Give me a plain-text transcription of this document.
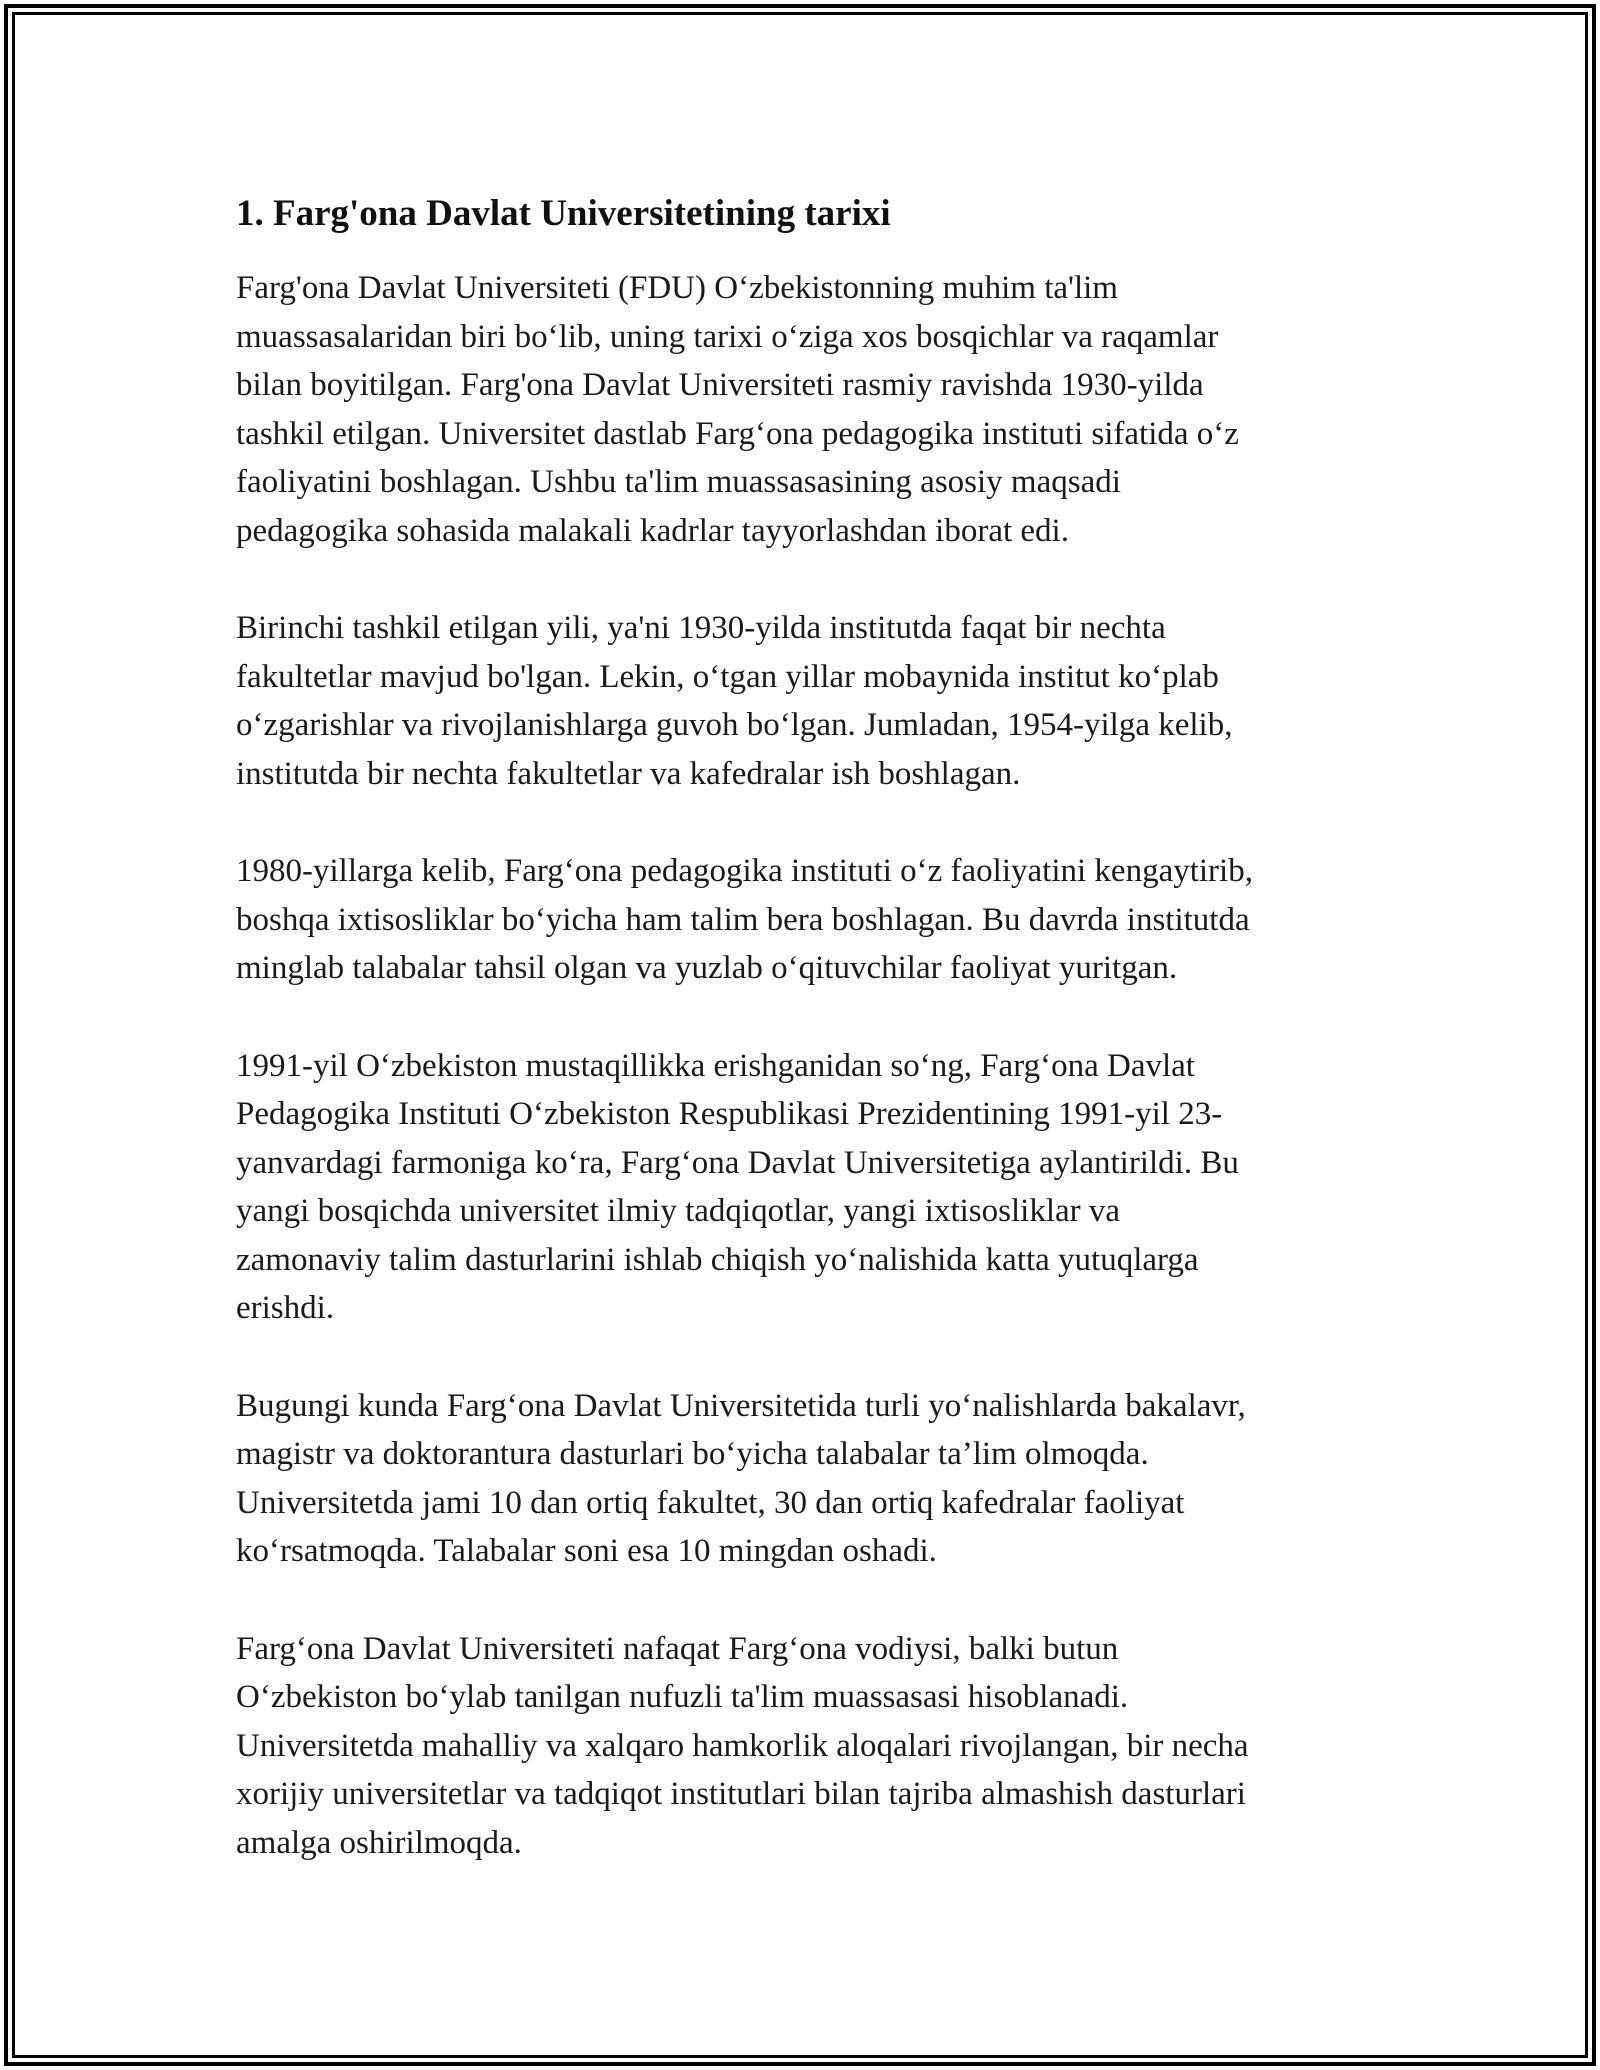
1. Farg'ona Davlat Universitetining tarixi

Farg'ona Davlat Universiteti (FDU) O‘zbekistonning muhim ta'lim
muassasalaridan biri bo‘lib, uning tarixi o‘ziga xos bosqichlar va raqamlar
bilan boyitilgan. Farg'ona Davlat Universiteti rasmiy ravishda 1930-yilda
tashkil etilgan. Universitet dastlab Farg‘ona pedagogika instituti sifatida o‘z
faoliyatini boshlagan. Ushbu ta'lim muassasasining asosiy maqsadi
pedagogika sohasida malakali kadrlar tayyorlashdan iborat edi.

Birinchi tashkil etilgan yili, ya'ni 1930-yilda institutda faqat bir nechta
fakultetlar mavjud bo'lgan. Lekin, o‘tgan yillar mobaynida institut ko‘plab
o‘zgarishlar va rivojlanishlarga guvoh bo‘lgan. Jumladan, 1954-yilga kelib,
institutda bir nechta fakultetlar va kafedralar ish boshlagan.

1980-yillarga kelib, Farg‘ona pedagogika instituti o‘z faoliyatini kengaytirib,
boshqa ixtisosliklar bo‘yicha ham talim bera boshlagan. Bu davrda institutda
minglab talabalar tahsil olgan va yuzlab o‘qituvchilar faoliyat yuritgan.

1991-yil O‘zbekiston mustaqillikka erishganidan so‘ng, Farg‘ona Davlat
Pedagogika Instituti O‘zbekiston Respublikasi Prezidentining 1991-yil 23-
yanvardagi farmoniga ko‘ra, Farg‘ona Davlat Universitetiga aylantirildi. Bu
yangi bosqichda universitet ilmiy tadqiqotlar, yangi ixtisosliklar va
zamonaviy talim dasturlarini ishlab chiqish yo‘nalishida katta yutuqlarga
erishdi.

Bugungi kunda Farg‘ona Davlat Universitetida turli yo‘nalishlarda bakalavr,
magistr va doktorantura dasturlari bo‘yicha talabalar ta’lim olmoqda.
Universitetda jami 10 dan ortiq fakultet, 30 dan ortiq kafedralar faoliyat
ko‘rsatmoqda. Talabalar soni esa 10 mingdan oshadi.

Farg‘ona Davlat Universiteti nafaqat Farg‘ona vodiysi, balki butun
O‘zbekiston bo‘ylab tanilgan nufuzli ta'lim muassasasi hisoblanadi.
Universitetda mahalliy va xalqaro hamkorlik aloqalari rivojlangan, bir necha
xorijiy universitetlar va tadqiqot institutlari bilan tajriba almashish dasturlari
amalga oshirilmoqda.
